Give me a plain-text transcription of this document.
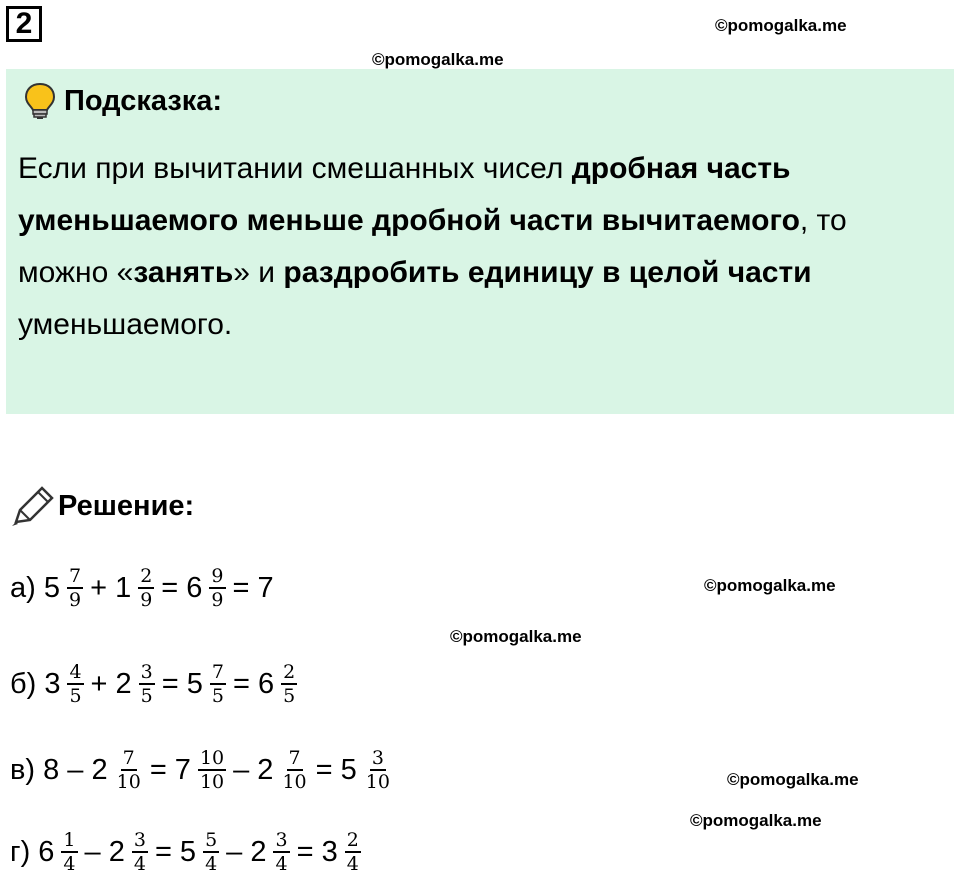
2	©pomogalka.me
©pomogalka.me
Подсказка:
Если при вычитании смешанных чисел дробная часть уменьшаемого меньше дробной части вычитаемого, то можно «занять» и раздробить единицу в целой части уменьшаемого.
Решение:
а) $5 \frac{7}{9} + 1 \frac{2}{9} = 6 \frac{9}{9} = 7$
б) $3 \frac{4}{5} + 2 \frac{3}{5} = 5 \frac{7}{5} = 6 \frac{2}{5}$
в) $8 - 2 \frac{7}{10} = 7 \frac{10}{10} - 2 \frac{7}{10} = 5 \frac{3}{10}$
г) $6 \frac{1}{4} - 2 \frac{3}{4} = 5 \frac{5}{4} - 2 \frac{3}{4} = 3 \frac{2}{4}$
©pomogalka.me
©pomogalka.me
©pomogalka.me
©pomogalka.me
